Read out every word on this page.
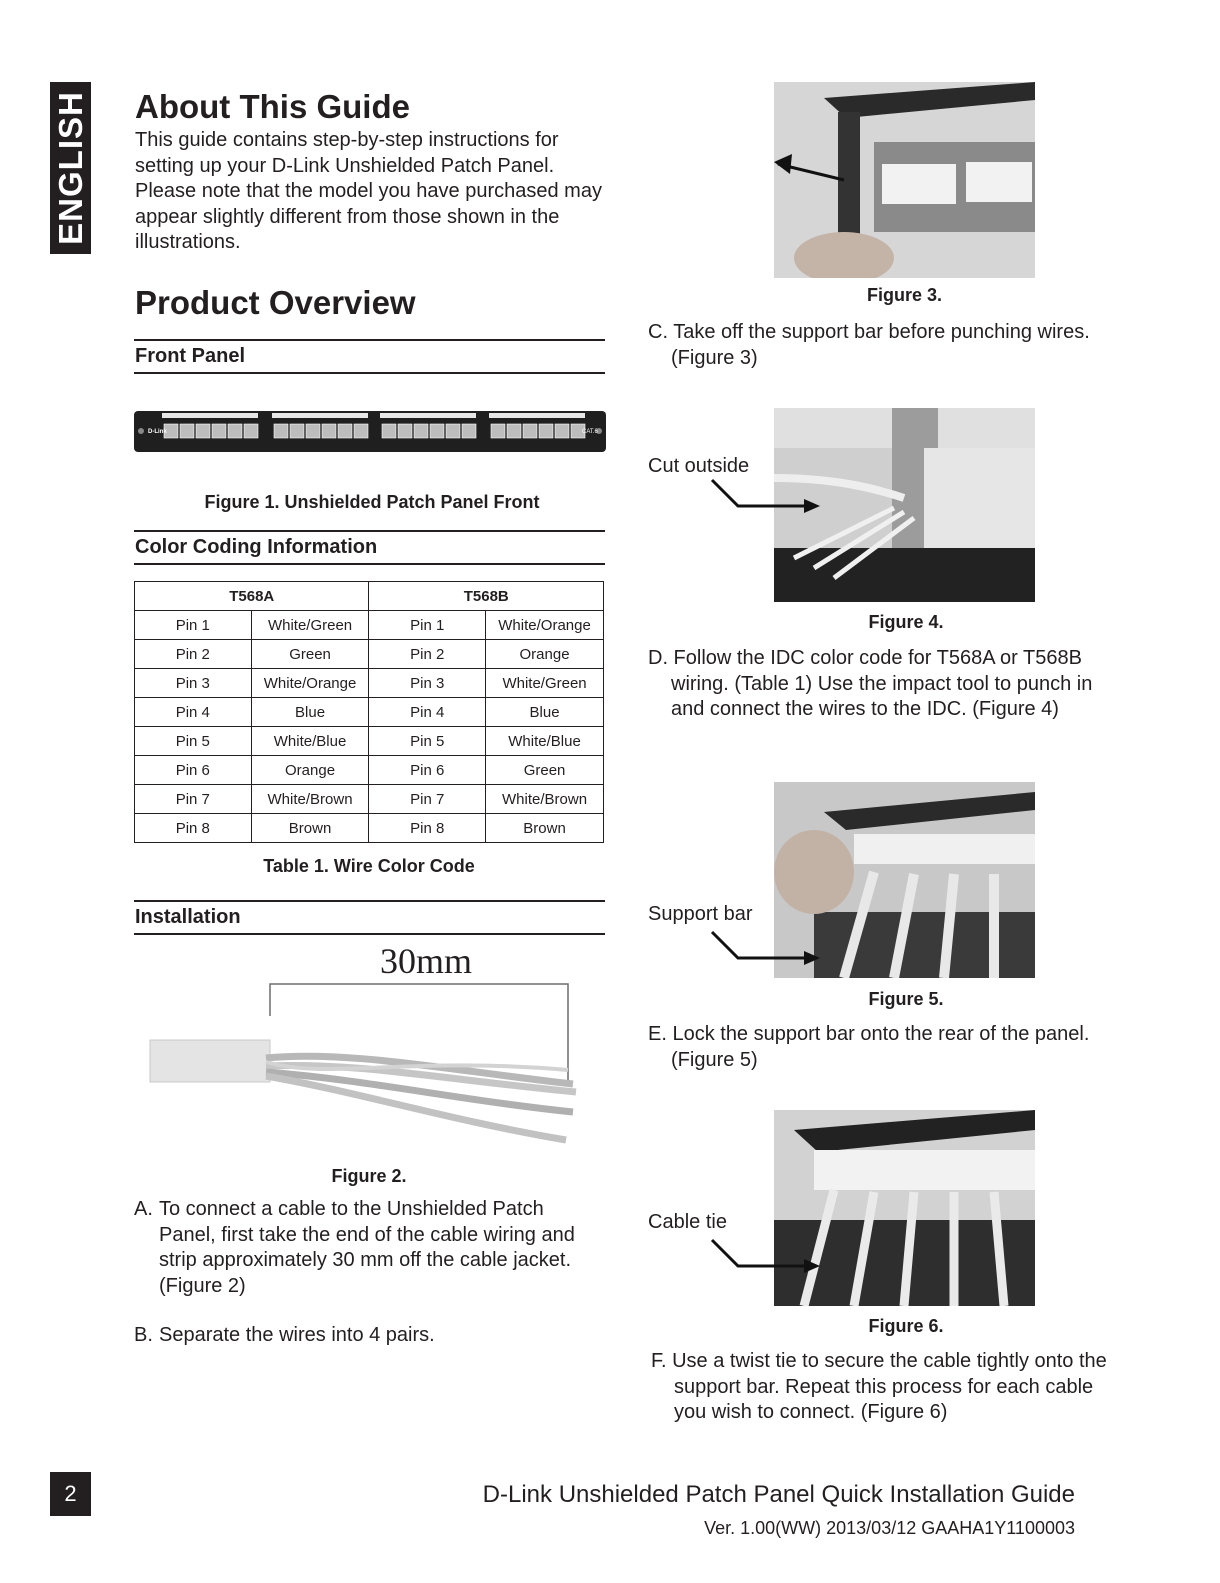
ENGLISH About This Guide
This guide contains step-by-step instructions for setting up your D-Link Unshielded Patch Panel. Please note that the model you have purchased may appear slightly different from those shown in the illustrations.
Product Overview
Front Panel
D-Link	CAT.6
Figure 1. Unshielded Patch Panel Front
Color Coding Information
T568A		T568B	
Pin 1	White/Green	Pin 1	White/Orange
Pin 2	Green	Pin 2	Orange
Pin 3	White/Orange	Pin 3	White/Green
Pin 4	Blue	Pin 4	Blue
Pin 5	White/Blue	Pin 5	White/Blue
Pin 6	Orange	Pin 6	Green
Pin 7	White/Brown	Pin 7	White/Brown
Pin 8	Brown	Pin 8	Brown
Table 1. Wire Color Code
Installation
30mm
Figure 2.
A. To connect a cable to the Unshielded Patch Panel, first take the end of the cable wiring and strip approximately 30 mm off the cable jacket. (Figure 2)
B. Separate the wires into 4 pairs.
Figure 3.
C. Take off the support bar before punching wires. (Figure 3)
Cut outside
Figure 4.
D. Follow the IDC color code for T568A or T568B wiring. (Table 1) Use the impact tool to punch in and connect the wires to the IDC. (Figure 4)
Support bar
Figure 5.
E. Lock the support bar onto the rear of the panel. (Figure 5)
Cable tie
Figure 6.
F. Use a twist tie to secure the cable tightly onto the support bar. Repeat this process for each cable you wish to connect. (Figure 6)
2	D-Link Unshielded Patch Panel Quick Installation Guide
Ver. 1.00(WW) 2013/03/12 GAAHA1Y1100003
